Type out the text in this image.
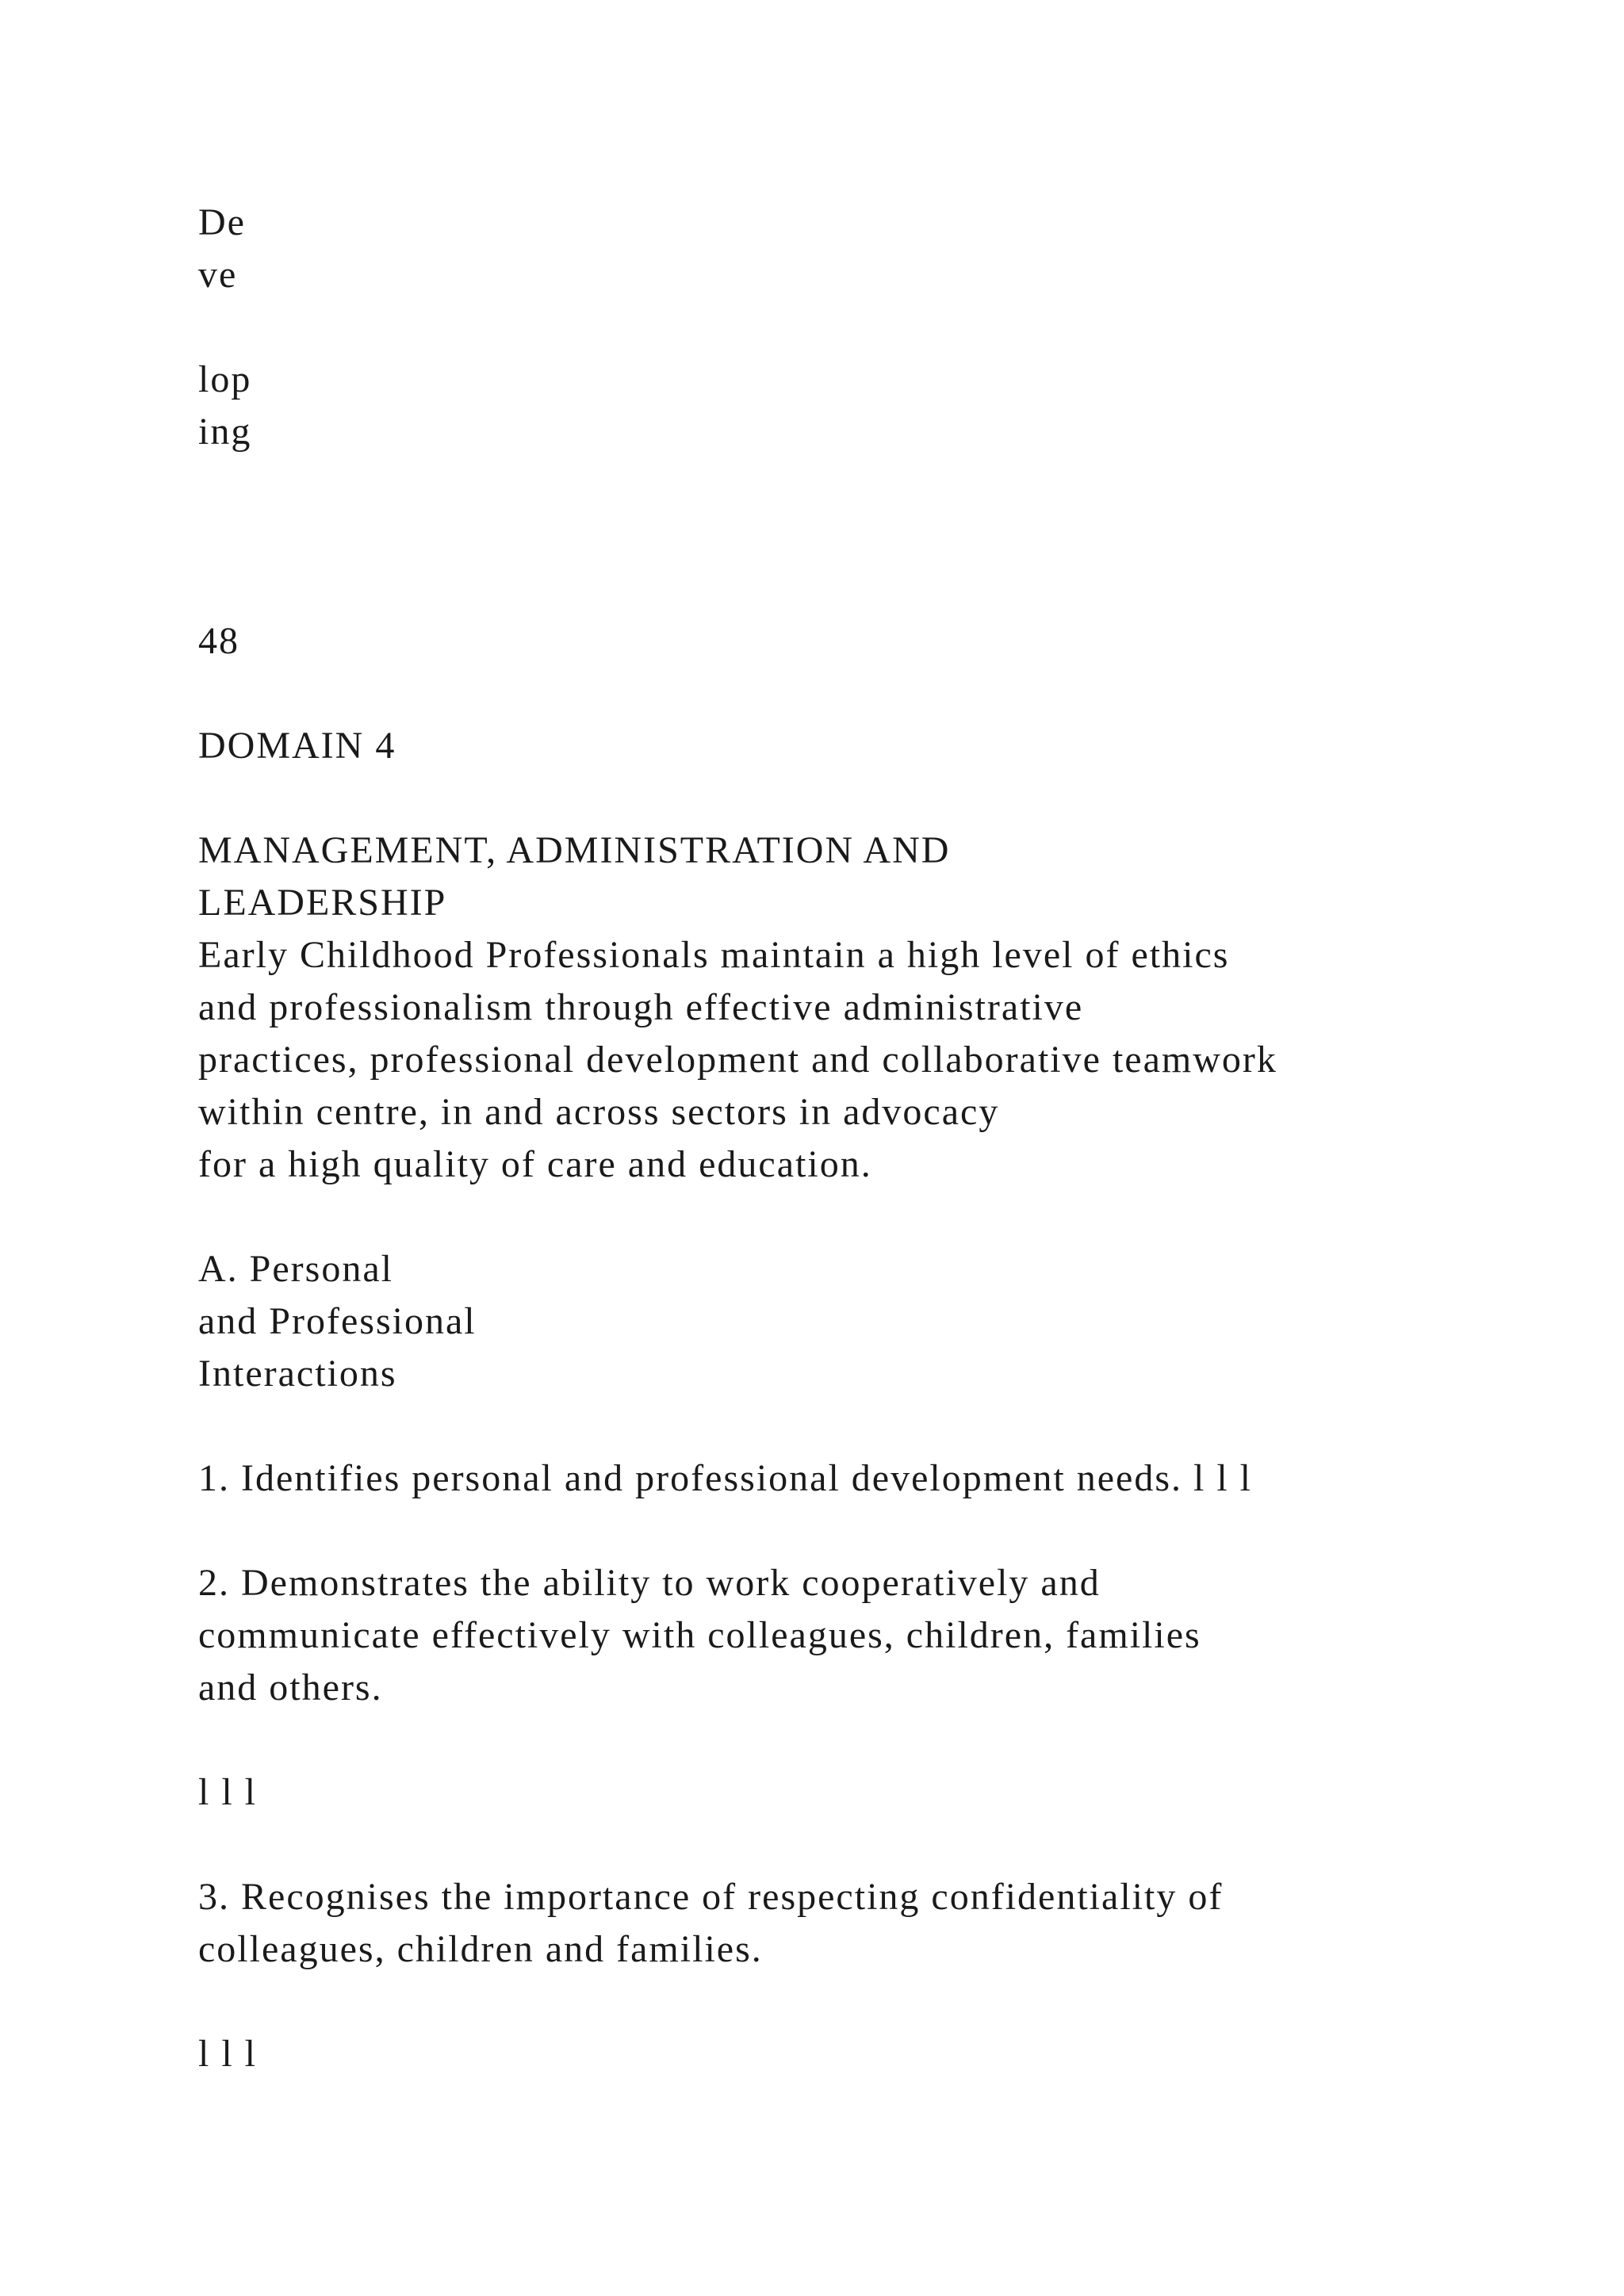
De

ve

lop

ing

48

DOMAIN 4

MANAGEMENT, ADMINISTRATION AND

LEADERSHIP

Early Childhood Professionals maintain a high level of ethics

and professionalism through effective administrative

practices, professional development and collaborative teamwork

within centre, in and across sectors in advocacy

for a high quality of care and education.

A. Personal

and Professional

Interactions

1. Identifies personal and professional development needs. l l l

2. Demonstrates the ability to work cooperatively and

communicate effectively with colleagues, children, families

and others.

l l l

3. Recognises the importance of respecting confidentiality of

colleagues, children and families.

l l l
